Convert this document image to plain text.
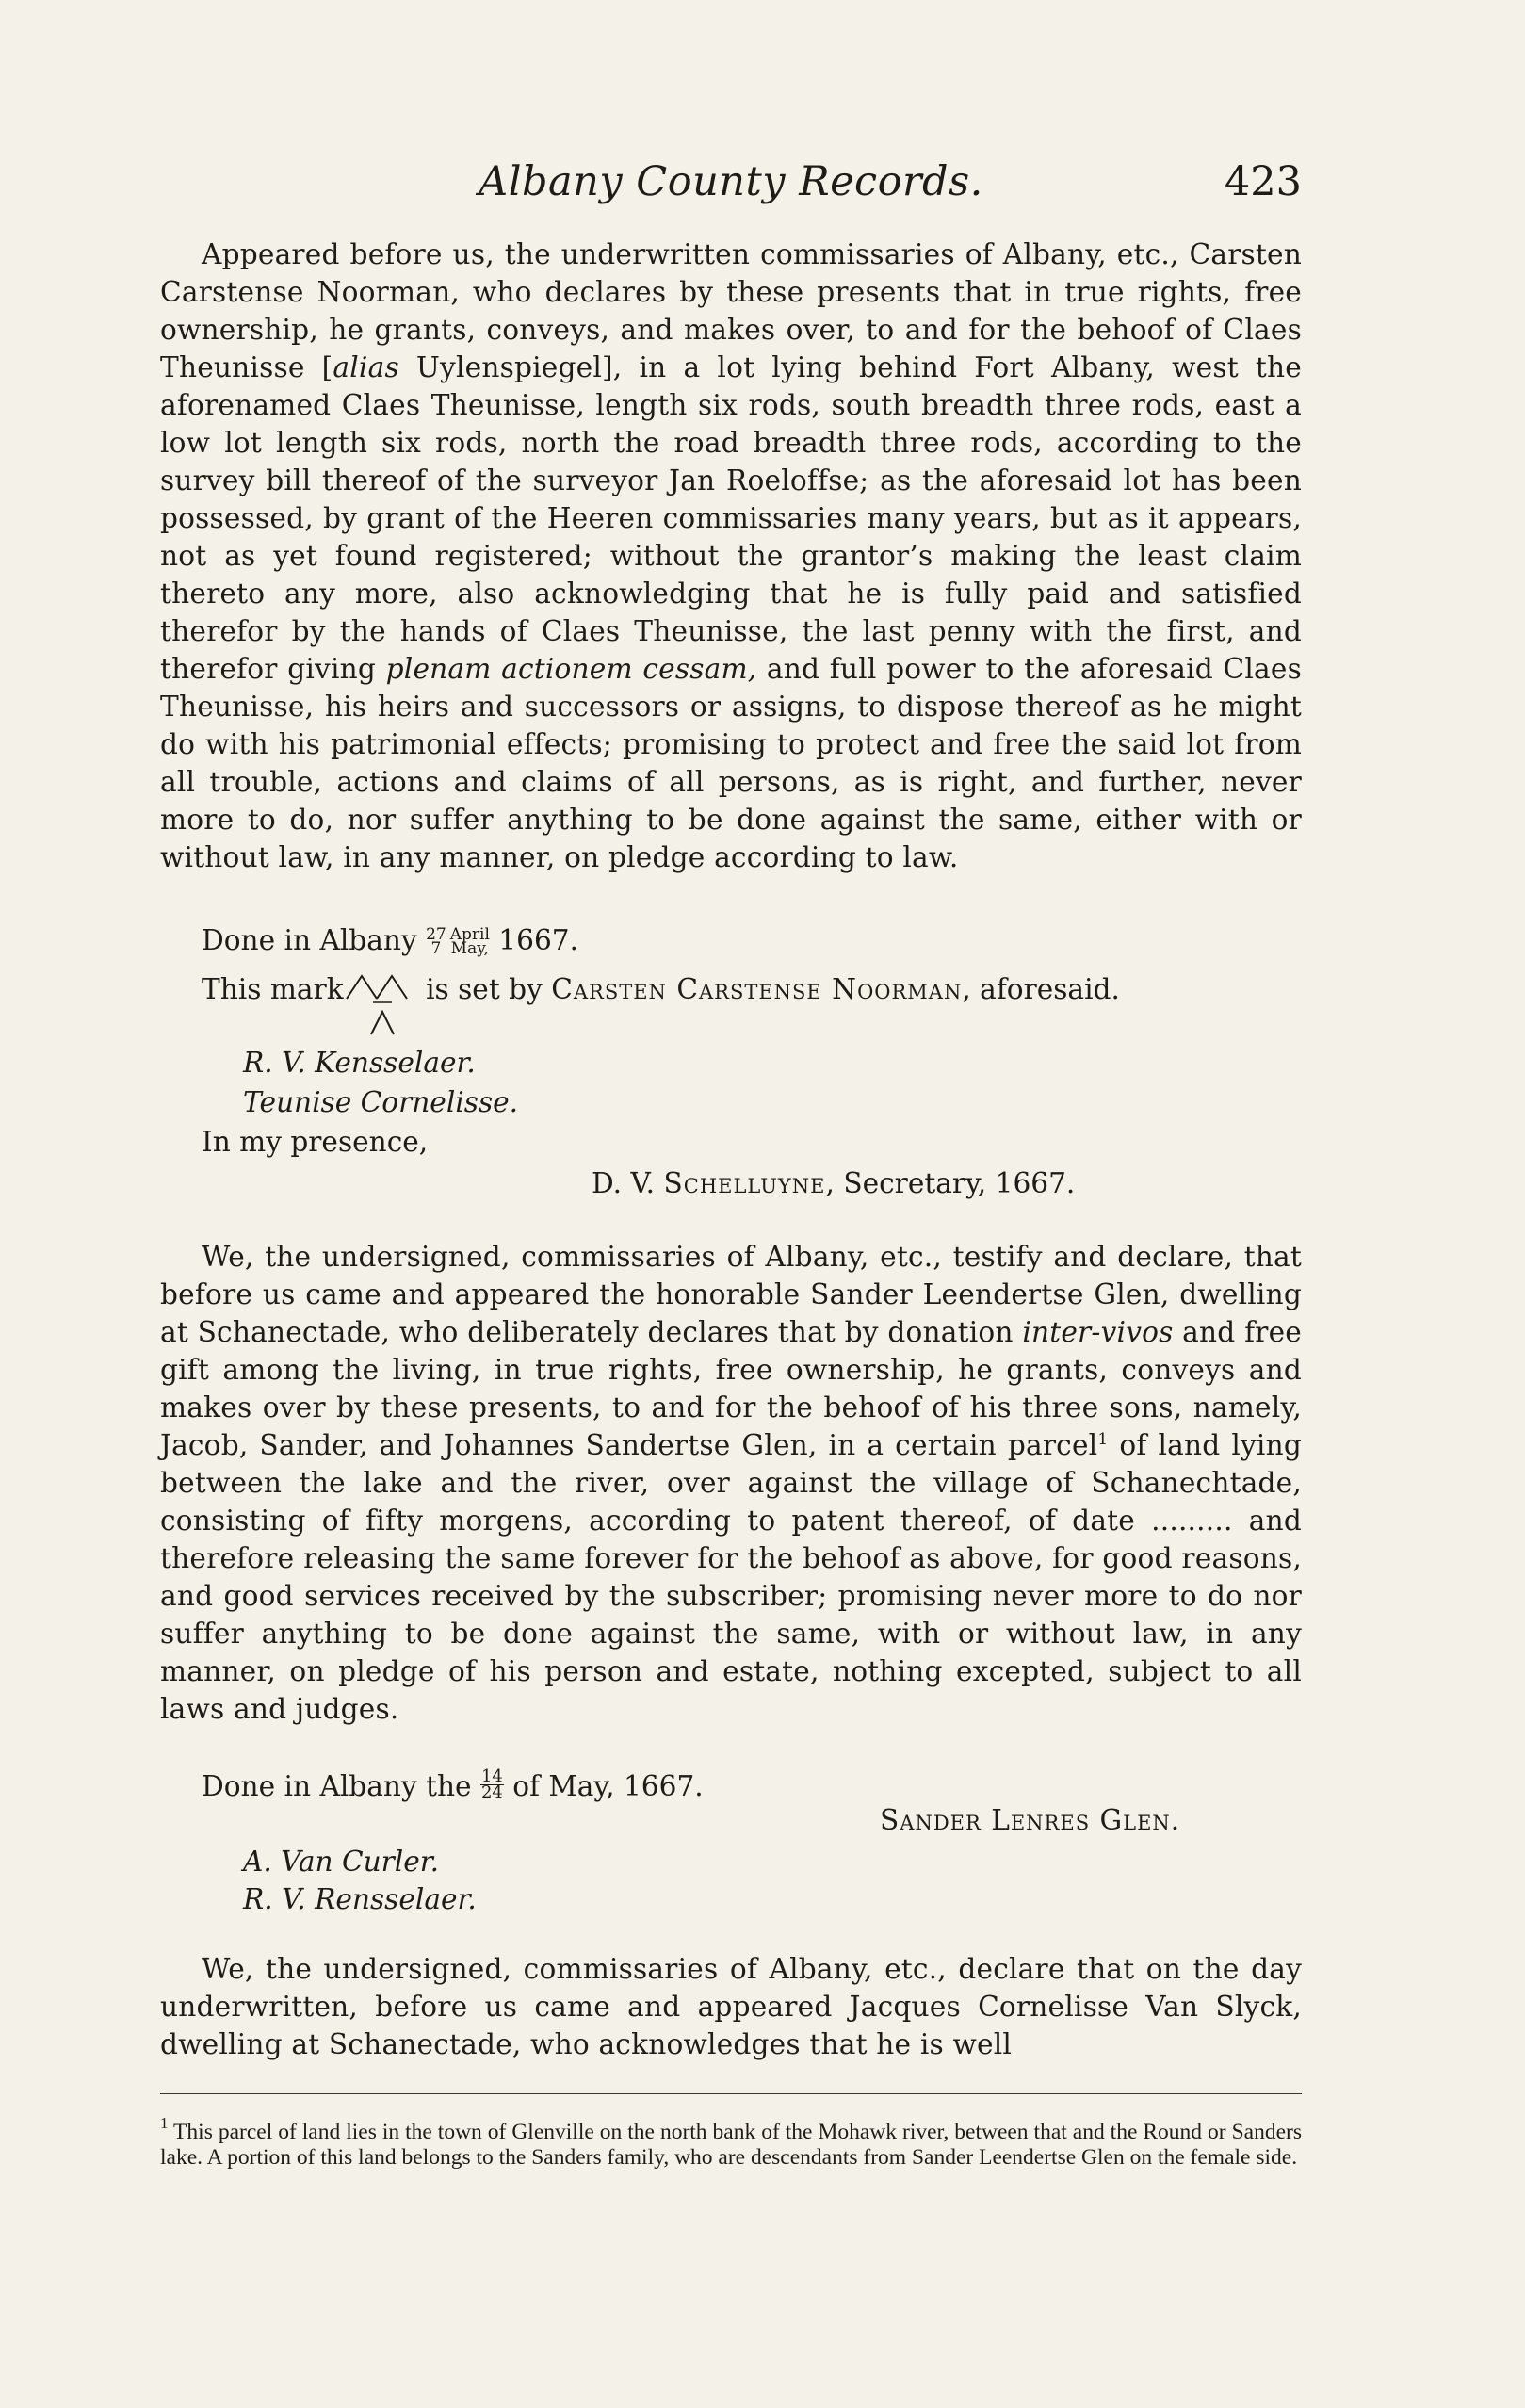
Albany County Records.	423
Appeared before us, the underwritten commissaries of Albany, etc., Carsten Carstense Noorman, who declares by these presents that in true rights, free ownership, he grants, conveys, and makes over, to and for the behoof of Claes Theunisse [alias Uylenspiegel], in a lot lying behind Fort Albany, west the aforenamed Claes Theunisse, length six rods, south breadth three rods, east a low lot length six rods, north the road breadth three rods, according to the survey bill thereof of the surveyor Jan Roeloffse; as the aforesaid lot has been possessed, by grant of the Heeren commissaries many years, but as it appears, not as yet found registered; without the grantor’s making the least claim thereto any more, also acknowledging that he is fully paid and satisfied therefor by the hands of Claes Theunisse, the last penny with the first, and therefor giving plenam actionem cessam, and full power to the aforesaid Claes Theunisse, his heirs and successors or assigns, to dispose thereof as he might do with his patrimonial effects; promising to protect and free the said lot from all trouble, actions and claims of all persons, as is right, and further, never more to do, nor suffer anything to be done against the same, either with or without law, in any manner, on pledge according to law.
Done in Albany 27
7
April
May, 1667.
This mark	is set by Carsten Carstense Noorman, aforesaid.
R. V. Kensselaer.
Teunise Cornelisse.
In my presence,
D. V. Schelluyne, Secretary, 1667.
We, the undersigned, commissaries of Albany, etc., testify and declare, that before us came and appeared the honorable Sander Leendertse Glen, dwelling at Schanectade, who deliberately declares that by donation inter-vivos and free gift among the living, in true rights, free ownership, he grants, conveys and makes over by these presents, to and for the behoof of his three sons, namely, Jacob, Sander, and Johannes Sandertse Glen, in a certain parcel$^1$ of land lying between the lake and the river, over against the village of Schanechtade, consisting of fifty morgens, according to patent thereof, of date ......... and therefore releasing the same forever for the behoof as above, for good reasons, and good services received by the subscriber; promising never more to do nor suffer anything to be done against the same, with or without law, in any manner, on pledge of his person and estate, nothing excepted, subject to all laws and judges.
Done in Albany the $\frac{14}{24}$ of May, 1667.
Sander Lenres Glen.
A. Van Curler.
R. V. Rensselaer.
We, the undersigned, commissaries of Albany, etc., declare that on the day underwritten, before us came and appeared Jacques Cornelisse Van Slyck, dwelling at Schanectade, who acknowledges that he is well
$^1$ This parcel of land lies in the town of Glenville on the north bank of the Mohawk river, between that and the Round or Sanders lake. A portion of this land belongs to the Sanders family, who are descendants from Sander Leendertse Glen on the female side.
